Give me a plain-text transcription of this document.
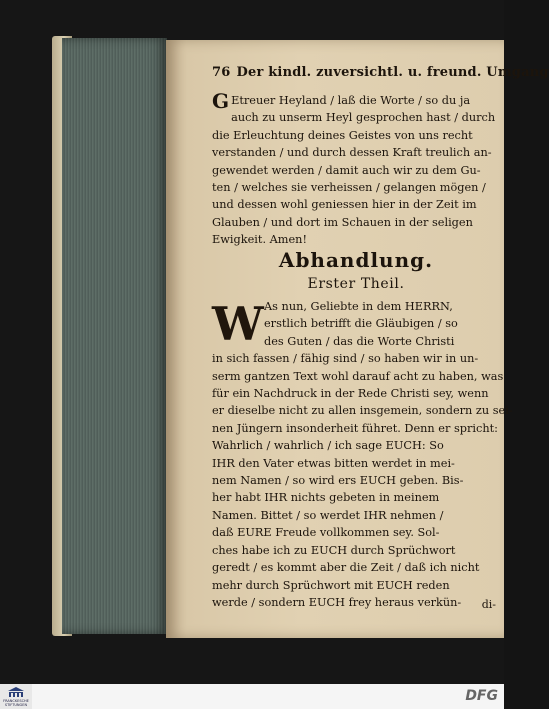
76 Der kindl. zuversichtl. u. freund. Umgang
G Etreuer Heyland / laß die Worte / so du ja
auch zu unserm Heyl gesprochen hast / durch
die Erleuchtung deines Geistes von uns recht
verstanden / und durch dessen Kraft treulich an-
gewendet werden / damit auch wir zu dem Gu-
ten / welches sie verheissen / gelangen mögen /
und dessen wohl geniessen hier in der Zeit im
Glauben / und dort im Schauen in der seligen
Ewigkeit. Amen!
Abhandlung.
Erster Theil.
W As nun, Geliebte in dem HERRN,
erstlich betrifft die Gläubigen / so
des Guten / das die Worte Christi
in sich fassen / fähig sind / so haben wir in un-
serm gantzen Text wohl darauf acht zu haben, was
für ein Nachdruck in der Rede Christi sey, wenn
er dieselbe nicht zu allen insgemein, sondern zu sei-
nen Jüngern insonderheit führet. Denn er spricht:
Wahrlich / wahrlich / ich sage EUCH: So
IHR den Vater etwas bitten werdet in mei-
nem Namen / so wird ers EUCH geben. Bis-
her habt IHR nichts gebeten in meinem
Namen. Bittet / so werdet IHR nehmen /
daß EURE Freude vollkommen sey. Sol-
ches habe ich zu EUCH durch Sprüchwort
geredt / es kommt aber die Zeit / daß ich nicht
mehr durch Sprüchwort mit EUCH reden
werde / sondern EUCH frey heraus verkün-	di-
FRANCKESCHE STIFTUNGEN
DFG
